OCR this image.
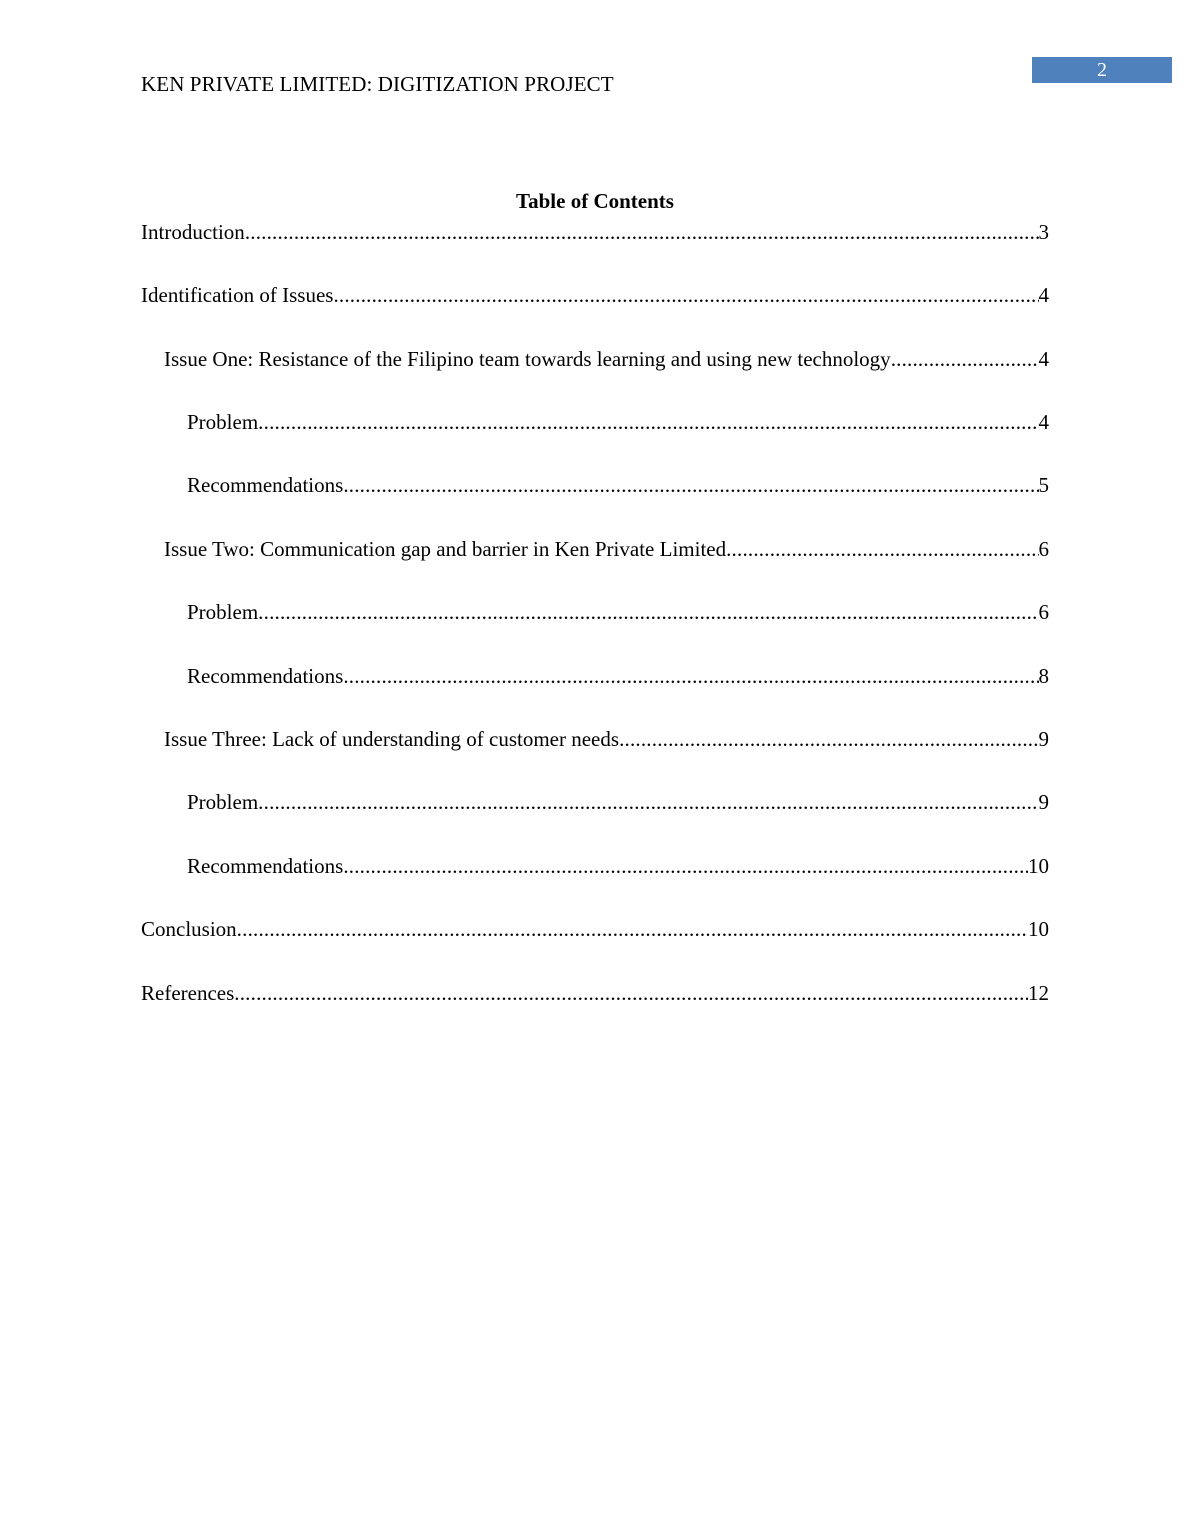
KEN PRIVATE LIMITED: DIGITIZATION PROJECT
2
Table of Contents
Introduction .....	3
Identification of Issues .....	4
Issue One: Resistance of the Filipino team towards learning and using new technology .....	4
Problem .....	4
Recommendations .....	5
Issue Two: Communication gap and barrier in Ken Private Limited .....	6
Problem .....	6
Recommendations .....	8
Issue Three: Lack of understanding of customer needs .....	9
Problem .....	9
Recommendations .....	10
Conclusion .....	10
References .....	12
